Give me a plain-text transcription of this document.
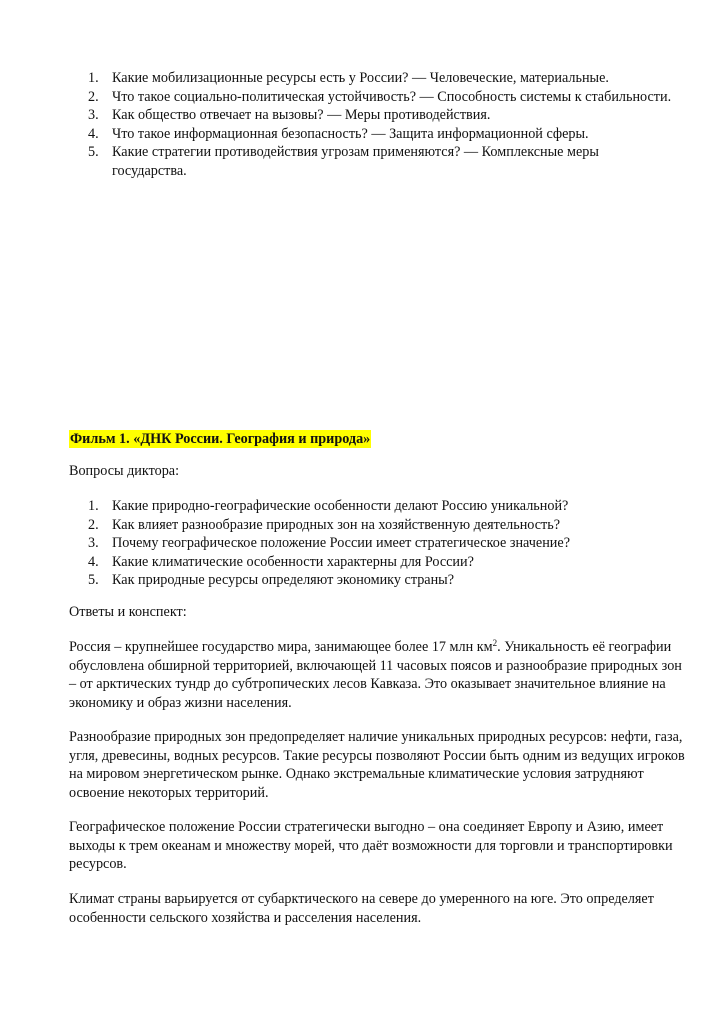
1. Какие мобилизационные ресурсы есть у России? — Человеческие, материальные.
2. Что такое социально-политическая устойчивость? — Способность системы к стабильности.
3. Как общество отвечает на вызовы? — Меры противодействия.
4. Что такое информационная безопасность? — Защита информационной сферы.
5. Какие стратегии противодействия угрозам применяются? — Комплексные меры государства.
Фильм 1. «ДНК России. География и природа»
Вопросы диктора:
1. Какие природно-географические особенности делают Россию уникальной?
2. Как влияет разнообразие природных зон на хозяйственную деятельность?
3. Почему географическое положение России имеет стратегическое значение?
4. Какие климатические особенности характерны для России?
5. Как природные ресурсы определяют экономику страны?
Ответы и конспект:

Россия – крупнейшее государство мира, занимающее более 17 млн $км^2$. Уникальность её географии обусловлена обширной территорией, включающей 11 часовых поясов и разнообразие природных зон – от арктических тундр до субтропических лесов Кавказа. Это оказывает значительное влияние на экономику и образ жизни населения.

Разнообразие природных зон предопределяет наличие уникальных природных ресурсов: нефти, газа, угля, древесины, водных ресурсов. Такие ресурсы позволяют России быть одним из ведущих игроков на мировом энергетическом рынке. Однако экстремальные климатические условия затрудняют освоение некоторых территорий.

Географическое положение России стратегически выгодно – она соединяет Европу и Азию, имеет выходы к трем океанам и множеству морей, что даёт возможности для торговли и транспортировки ресурсов.

Климат страны варьируется от субарктического на севере до умеренного на юге. Это определяет особенности сельского хозяйства и расселения населения.
